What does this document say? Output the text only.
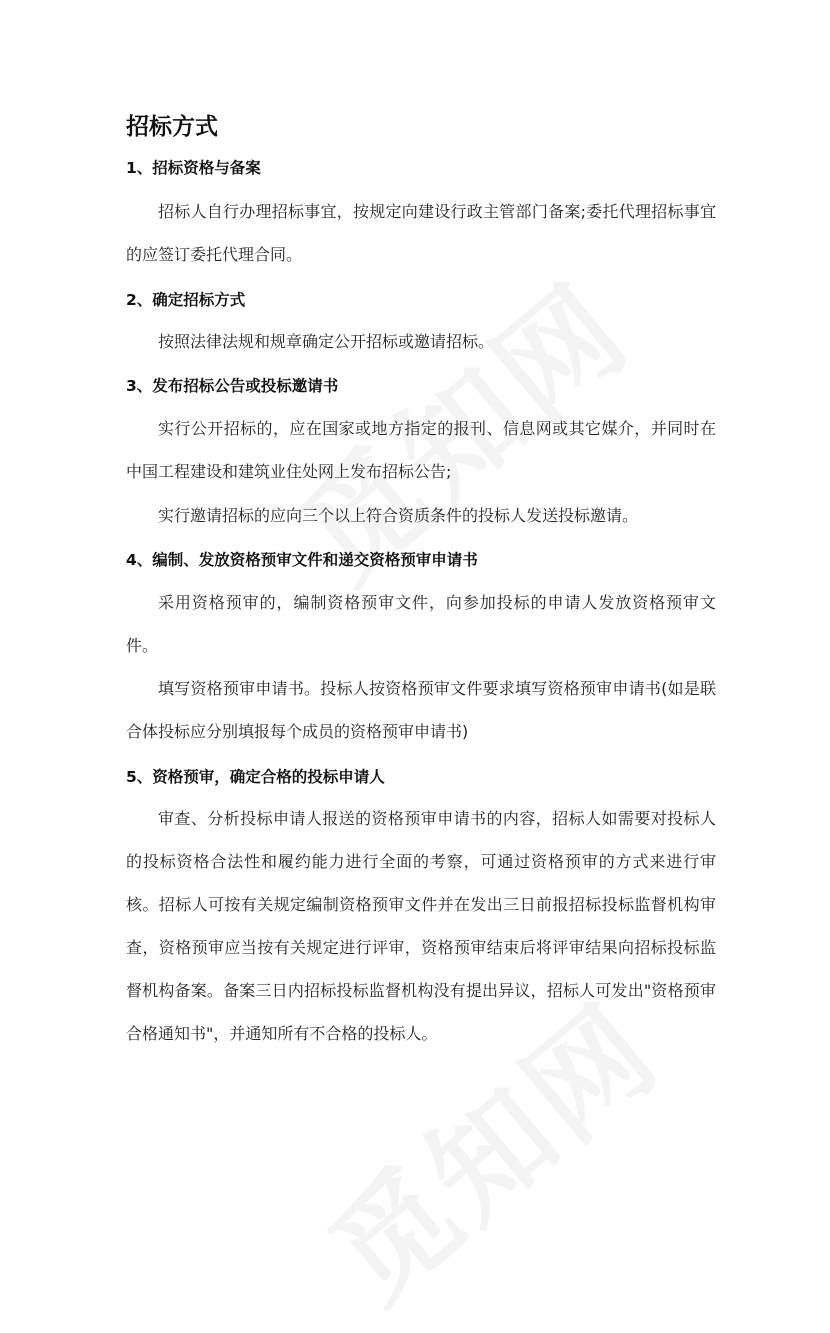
招标方式
1、招标资格与备案

招标人自行办理招标事宜，按规定向建设行政主管部门备案;委托代理招标事宜的应签订委托代理合同。

2、确定招标方式

按照法律法规和规章确定公开招标或邀请招标。

3、发布招标公告或投标邀请书

实行公开招标的，应在国家或地方指定的报刊、信息网或其它媒介，并同时在中国工程建设和建筑业住处网上发布招标公告;

实行邀请招标的应向三个以上符合资质条件的投标人发送投标邀请。

4、编制、发放资格预审文件和递交资格预审申请书

采用资格预审的，编制资格预审文件，向参加投标的申请人发放资格预审文件。

填写资格预审申请书。投标人按资格预审文件要求填写资格预审申请书(如是联合体投标应分别填报每个成员的资格预审申请书)

5、资格预审，确定合格的投标申请人

审查、分析投标申请人报送的资格预审申请书的内容，招标人如需要对投标人的投标资格合法性和履约能力进行全面的考察，可通过资格预审的方式来进行审核。招标人可按有关规定编制资格预审文件并在发出三日前报招标投标监督机构审查，资格预审应当按有关规定进行评审，资格预审结束后将评审结果向招标投标监督机构备案。备案三日内招标投标监督机构没有提出异议，招标人可发出"资格预审合格通知书"，并通知所有不合格的投标人。
